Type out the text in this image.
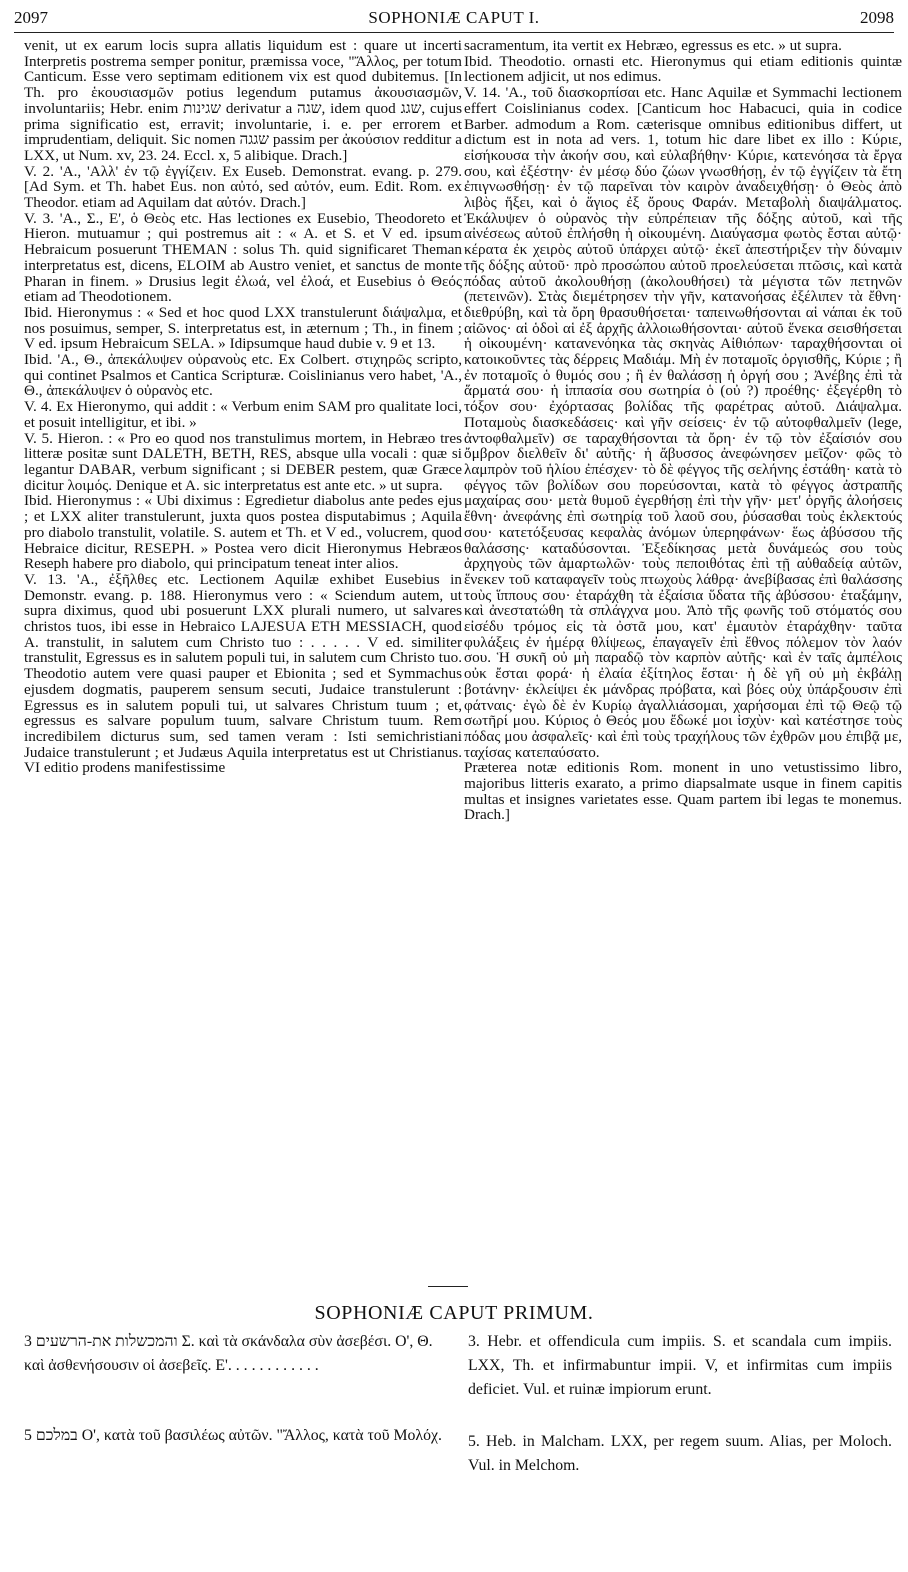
2097	SOPHONIÆ CAPUT I.	2098

venit, ut ex earum locis supra allatis liquidum est : quare ut incerti Interpretis postrema semper ponitur, præmissa voce, "Ἄλλος, per totum Canticum. Esse vero septimam editionem vix est quod dubitemus. [In Th. pro ἑκουσιασμῶν potius legendum putamus ἀκουσιασμῶν, involuntariis; Hebr. enim שגינות derivatur a שגה, idem quod שגג, cujus prima significatio est, erravit; involuntarie, i. e. per errorem et imprudentiam, deliquit. Sic nomen שגגה passim per ἀκούσιον redditur a LXX, ut Num. xv, 23. 24. Eccl. x, 5 alibique. Drach.]

V. 2. 'Α., 'Αλλ' ἐν τῷ ἐγγίζειν. Ex Euseb. Demonstrat. evang. p. 279. [Ad Sym. et Th. habet Eus. non αὐτό, sed αὐτόν, eum. Edit. Rom. ex Theodor. etiam ad Aquilam dat αὐτόν. Drach.]

V. 3. 'Α., Σ., Ε', ὁ Θεὸς etc. Has lectiones ex Eusebio, Theodoreto et Hieron. mutuamur ; qui postremus ait : « A. et S. et V ed. ipsum Hebraicum posuerunt THEMAN : solus Th. quid significaret Theman interpretatus est, dicens, ELOIM ab Austro veniet, et sanctus de monte Pharan in finem. » Drusius legit ἐλωά, vel ἐλοά, et Eusebius ὁ Θεός etiam ad Theodotionem.

Ibid. Hieronymus : « Sed et hoc quod LXX transtulerunt διάψαλμα, et nos posuimus, semper, S. interpretatus est, in æternum ; Th., in finem ; V ed. ipsum Hebraicum SELA. » Idipsumque haud dubie v. 9 et 13.

Ibid. 'Α., Θ., ἀπεκάλυψεν οὐρανοὺς etc. Ex Colbert. στιχηρῶς scripto, qui continet Psalmos et Cantica Scripturæ. Coislinianus vero habet, 'Α., Θ., ἀπεκάλυψεν ὁ οὐρανὸς etc.

V. 4. Ex Hieronymo, qui addit : « Verbum enim SAM pro qualitate loci, et posuit intelligitur, et ibi. »

V. 5. Hieron. : « Pro eo quod nos transtulimus mortem, in Hebræo tres litteræ positæ sunt DALETH, BETH, RES, absque ulla vocali : quæ si legantur DABAR, verbum significant ; si DEBER pestem, quæ Græce dicitur λοιμός. Denique et A. sic interpretatus est ante etc. » ut supra.

Ibid. Hieronymus : « Ubi diximus : Egredietur diabolus ante pedes ejus ; et LXX aliter transtulerunt, juxta quos postea disputabimus ; Aquila pro diabolo transtulit, volatile. S. autem et Th. et V ed., volucrem, quod Hebraice dicitur, RESEPH. » Postea vero dicit Hieronymus Hebræos Reseph habere pro diabolo, qui principatum teneat inter alios.

V. 13. 'Α., ἐξῆλθες etc. Lectionem Aquilæ exhibet Eusebius in Demonstr. evang. p. 188. Hieronymus vero : « Sciendum autem, ut supra diximus, quod ubi posuerunt LXX plurali numero, ut salvares christos tuos, ibi esse in Hebraico LAJESUA ETH MESSIACH, quod A. transtulit, in salutem cum Christo tuo : . . . . . V ed. similiter transtulit, Egressus es in salutem populi tui, in salutem cum Christo tuo. Theodotio autem vere quasi pauper et Ebionita ; sed et Symmachus ejusdem dogmatis, pauperem sensum secuti, Judaice transtulerunt : Egressus es in salutem populi tui, ut salvares Christum tuum ; et, egressus es salvare populum tuum, salvare Christum tuum. Rem incredibilem dicturus sum, sed tamen veram : Isti semichristiani Judaice transtulerunt ; et Judæus Aquila interpretatus est ut Christianus. VI editio prodens manifestissime

sacramentum, ita vertit ex Hebræo, egressus es etc. » ut supra.

Ibid. Theodotio. ornasti etc. Hieronymus qui etiam editionis quintæ lectionem adjicit, ut nos edimus.

V. 14. 'Α., τοῦ διασκορπίσαι etc. Hanc Aquilæ et Symmachi lectionem effert Coislinianus codex. [Canticum hoc Habacuci, quia in codice Barber. admodum a Rom. cæterisque omnibus editionibus differt, ut dictum est in nota ad vers. 1, totum hic dare libet ex illo : Κύριε, εἰσήκουσα τὴν ἀκοήν σου, καὶ εὐλαβήθην· Κύριε, κατενόησα τὰ ἔργα σου, καὶ ἐξέστην· ἐν μέσῳ δύο ζώων γνωσθήσῃ, ἐν τῷ ἐγγίζειν τὰ ἔτη ἐπιγνωσθήσῃ· ἐν τῷ παρεῖναι τὸν καιρὸν ἀναδειχθήσῃ· ὁ Θεὸς ἀπὸ λιβὸς ἥξει, καὶ ὁ ἅγιος ἐξ ὄρους Φαράν. Μεταβολὴ διαψάλματος. Ἐκάλυψεν ὁ οὐρανὸς τὴν εὐπρέπειαν τῆς δόξης αὐτοῦ, καὶ τῆς αἰνέσεως αὐτοῦ ἐπλήσθη ἡ οἰκουμένη. Διαύγασμα φωτὸς ἔσται αὐτῷ· κέρατα ἐκ χειρὸς αὐτοῦ ὑπάρχει αὐτῷ· ἐκεῖ ἀπεστήριξεν τὴν δύναμιν τῆς δόξης αὐτοῦ· πρὸ προσώπου αὐτοῦ προελεύσεται πτῶσις, καὶ κατὰ πόδας αὐτοῦ ἀκολουθήσῃ (ἀκολουθήσει) τὰ μέγιστα τῶν πετηνῶν (πετεινῶν). Στὰς διεμέτρησεν τὴν γῆν, κατανοήσας ἐξέλιπεν τὰ ἔθνη· διεθρύβη, καὶ τὰ ὄρη θρασυθήσεται· ταπεινωθήσονται αἱ νάπαι ἐκ τοῦ αἰῶνος· αἱ ὁδοὶ αἱ ἐξ ἀρχῆς ἀλλοιωθήσονται· αὐτοῦ ἕνεκα σεισθήσεται ἡ οἰκουμένη· κατανενόηκα τὰς σκηνὰς Αἰθιόπων· ταραχθήσονται οἱ κατοικοῦντες τὰς δέρρεις Μαδιάμ. Μὴ ἐν ποταμοῖς ὀργισθῆς, Κύριε ; ἢ ἐν ποταμοῖς ὁ θυμός σου ; ἢ ἐν θαλάσσῃ ἡ ὀργή σου ; Ἀνέβης ἐπὶ τὰ ἅρματά σου· ἡ ἱππασία σου σωτηρία ὁ (οὐ ?) προέθης· ἐξεγέρθη τὸ τόξον σου· ἐχόρτασας βολίδας τῆς φαρέτρας αὐτοῦ. Διάψαλμα. Ποταμοὺς διασκεδάσεις· καὶ γῆν σείσεις· ἐν τῷ αὐτοφθαλμεῖν (lege, ἀντοφθαλμεῖν) σε ταραχθήσονται τὰ ὄρη· ἐν τῷ τὸν ἐξαίσιόν σου ὄμβρον διελθεῖν δι' αὐτῆς· ἡ ἄβυσσος ἀνεφώνησεν μεῖζον· φῶς τὸ λαμπρὸν τοῦ ἡλίου ἐπέσχεν· τὸ δὲ φέγγος τῆς σελήνης ἐστάθη· κατὰ τὸ φέγγος τῶν βολίδων σου πορεύσονται, κατὰ τὸ φέγγος ἀστραπῆς μαχαίρας σου· μετὰ θυμοῦ ἐγερθήσῃ ἐπὶ τὴν γῆν· μετ' ὀργῆς ἀλοήσεις ἔθνη· ἀνεφάνης ἐπὶ σωτηρίᾳ τοῦ λαοῦ σου, ῥύσασθαι τοὺς ἐκλεκτούς σου· κατετόξευσας κεφαλὰς ἀνόμων ὑπερηφάνων· ἕως ἀβύσσου τῆς θαλάσσης· καταδύσονται. Ἐξεδίκησας μετὰ δυνάμεώς σου τοὺς ἀρχηγοὺς τῶν ἁμαρτωλῶν· τοὺς πεποιθότας ἐπὶ τῇ αὐθαδείᾳ αὐτῶν, ἕνεκεν τοῦ καταφαγεῖν τοὺς πτωχοὺς λάθρᾳ· ἀνεβίβασας ἐπὶ θαλάσσης τοὺς ἵππους σου· ἐταράχθη τὰ ἐξαίσια ὕδατα τῆς ἀβύσσου· ἐταξάμην, καὶ ἀνεστατώθη τὰ σπλάγχνα μου. Ἀπὸ τῆς φωνῆς τοῦ στόματός σου εἰσέδυ τρόμος εἰς τὰ ὀστᾶ μου, κατ' ἐμαυτὸν ἐταράχθην· ταῦτα φυλάξεις ἐν ἡμέρᾳ θλίψεως, ἐπαγαγεῖν ἐπὶ ἔθνος πόλεμον τὸν λαόν σου. Ἡ συκῆ οὐ μὴ παραδῷ τὸν καρπὸν αὐτῆς· καὶ ἐν ταῖς ἀμπέλοις οὐκ ἔσται φορά· ἡ ἐλαία ἐξίτηλος ἔσται· ἡ δὲ γῆ οὐ μὴ ἐκβάλῃ βοτάνην· ἐκλείψει ἐκ μάνδρας πρόβατα, καὶ βόες οὐχ ὑπάρξουσιν ἐπὶ φάτναις· ἐγὼ δὲ ἐν Κυρίῳ ἀγαλλιάσομαι, χαρήσομαι ἐπὶ τῷ Θεῷ τῷ σωτῆρί μου. Κύριος ὁ Θεός μου ἔδωκέ μοι ἰσχὺν· καὶ κατέστησε τοὺς πόδας μου ἀσφαλεῖς· καὶ ἐπὶ τοὺς τραχήλους τῶν ἐχθρῶν μου ἐπιβᾷ με, ταχίσας κατεπαύσατο.

Præterea notæ editionis Rom. monent in uno vetustissimo libro, majoribus litteris exarato, a primo diapsalmate usque in finem capitis multas et insignes varietates esse. Quam partem ibi legas te monemus. Drach.]

SOPHONIÆ CAPUT PRIMUM.
והמכשלות את-הרשעים 3 Σ. καὶ τὰ σκάνδαλα σὺν ἀσεβέσι. Ο', Θ. καὶ ἀσθενήσουσιν οἱ ἀσεβεῖς. Ε'. . . . . . . . . . . .
במלכם 5 Ο', κατὰ τοῦ βασιλέως αὐτῶν. "Ἄλλος, κατὰ τοῦ Μολόχ.
3. Hebr. et offendicula cum impiis. S. et scandala cum impiis. LXX, Th. et infirmabuntur impii. V, et infirmitas cum impiis deficiet. Vul. et ruinæ impiorum erunt.
5. Heb. in Malcham. LXX, per regem suum. Alias, per Moloch. Vul. in Melchom.
